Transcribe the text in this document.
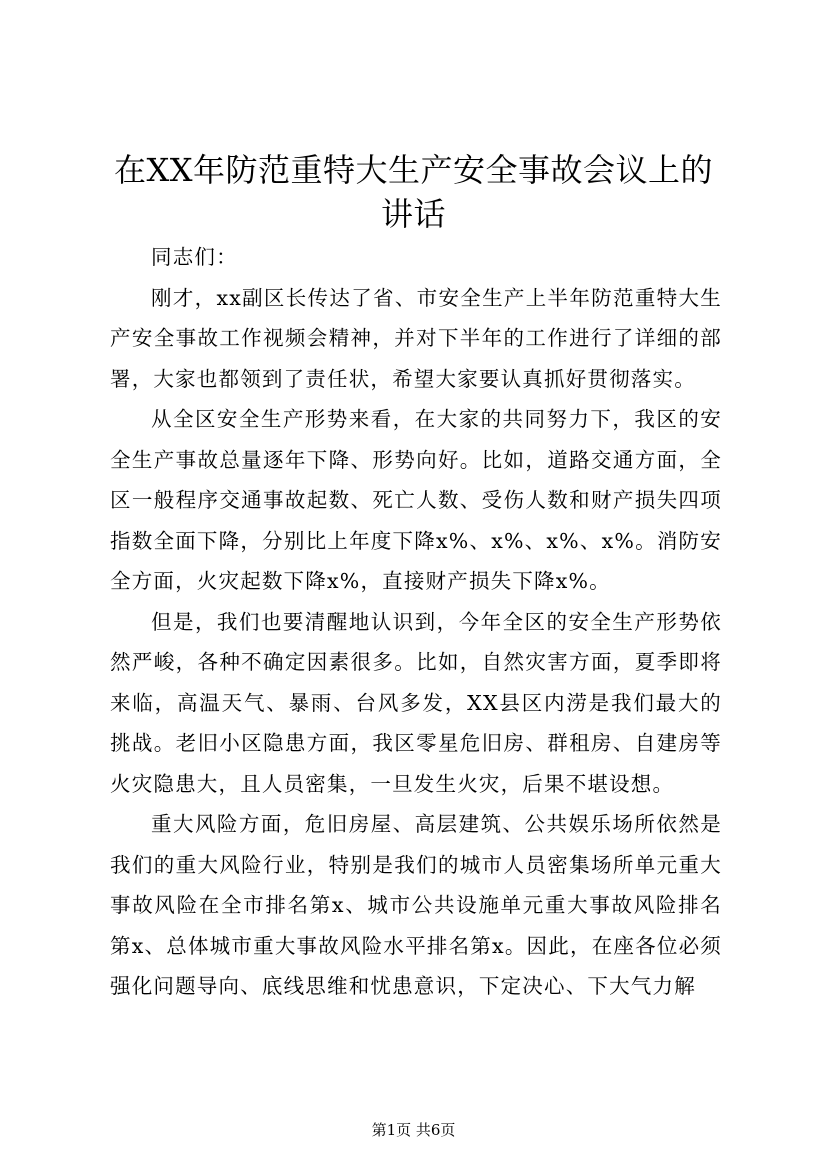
在XX年防范重特大生产安全事故会议上的讲话

同志们：

刚才，xx副区长传达了省、市安全生产上半年防范重特大生产安全事故工作视频会精神，并对下半年的工作进行了详细的部署，大家也都领到了责任状，希望大家要认真抓好贯彻落实。

从全区安全生产形势来看，在大家的共同努力下，我区的安全生产事故总量逐年下降、形势向好。比如，道路交通方面，全区一般程序交通事故起数、死亡人数、受伤人数和财产损失四项指数全面下降，分别比上年度下降x%、x%、x%、x%。消防安全方面，火灾起数下降x%，直接财产损失下降x%。

但是，我们也要清醒地认识到，今年全区的安全生产形势依然严峻，各种不确定因素很多。比如，自然灾害方面，夏季即将来临，高温天气、暴雨、台风多发，XX县区内涝是我们最大的挑战。老旧小区隐患方面，我区零星危旧房、群租房、自建房等火灾隐患大，且人员密集，一旦发生火灾，后果不堪设想。

重大风险方面，危旧房屋、高层建筑、公共娱乐场所依然是我们的重大风险行业，特别是我们的城市人员密集场所单元重大事故风险在全市排名第x、城市公共设施单元重大事故风险排名第x、总体城市重大事故风险水平排名第x。因此，在座各位必须强化问题导向、底线思维和忧患意识，下定决心、下大气力解

第1页 共6页
